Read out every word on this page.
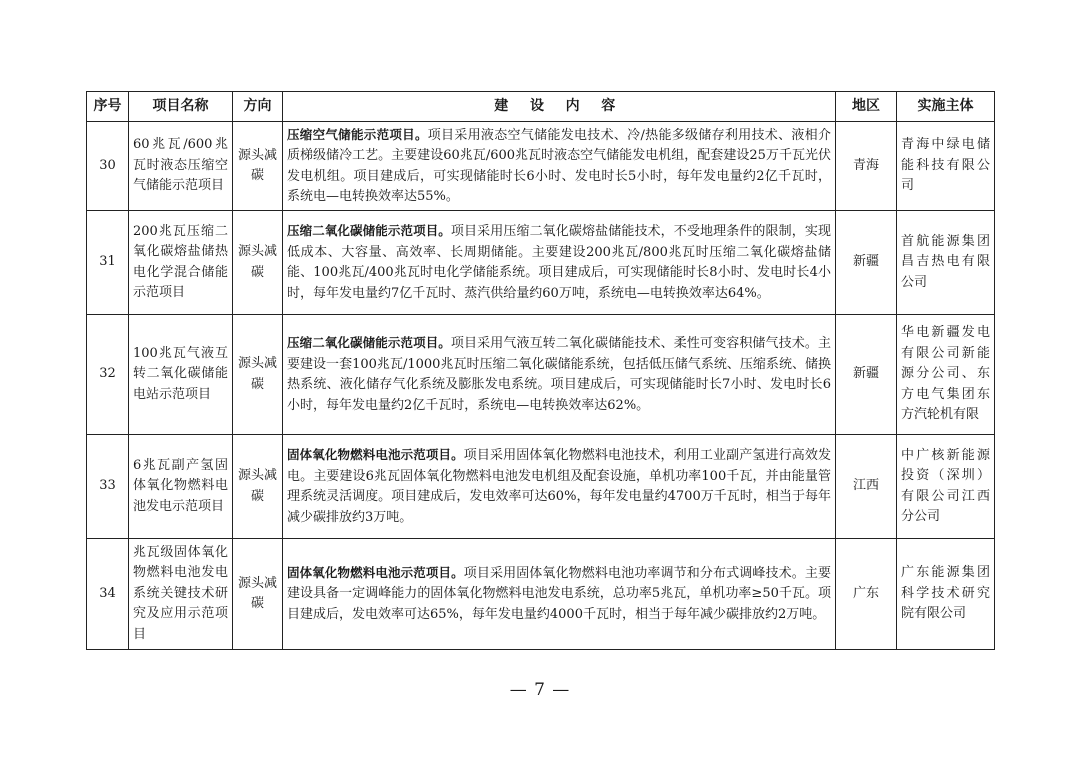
序号	项目名称	方向	建 设 内 容	地区	实施主体
30	60兆瓦/600兆瓦时液态压缩空气储能示范项目	源头减碳	压缩空气储能示范项目。项目采用液态空气储能发电技术、冷/热能多级储存利用技术、液相介质梯级储冷工艺。主要建设60兆瓦/600兆瓦时液态空气储能发电机组，配套建设25万千瓦光伏发电机组。项目建成后，可实现储能时长6小时、发电时长5小时，每年发电量约2亿千瓦时，系统电—电转换效率达55%。	青海	青海中绿电储能科技有限公司
31	200兆瓦压缩二氧化碳熔盐储热电化学混合储能示范项目	源头减碳	压缩二氧化碳储能示范项目。项目采用压缩二氧化碳熔盐储能技术，不受地理条件的限制，实现低成本、大容量、高效率、长周期储能。主要建设200兆瓦/800兆瓦时压缩二氧化碳熔盐储能、100兆瓦/400兆瓦时电化学储能系统。项目建成后，可实现储能时长8小时、发电时长4小时，每年发电量约7亿千瓦时、蒸汽供给量约60万吨，系统电—电转换效率达64%。	新疆	首航能源集团昌吉热电有限公司
32	100兆瓦气液互转二氧化碳储能电站示范项目	源头减碳	压缩二氧化碳储能示范项目。项目采用气液互转二氧化碳储能技术、柔性可变容积储气技术。主要建设一套100兆瓦/1000兆瓦时压缩二氧化碳储能系统，包括低压储气系统、压缩系统、储换热系统、液化储存气化系统及膨胀发电系统。项目建成后，可实现储能时长7小时、发电时长6小时，每年发电量约2亿千瓦时，系统电—电转换效率达62%。	新疆	华电新疆发电有限公司新能源分公司、东方电气集团东方汽轮机有限
33	6兆瓦副产氢固体氧化物燃料电池发电示范项目	源头减碳	固体氧化物燃料电池示范项目。项目采用固体氧化物燃料电池技术，利用工业副产氢进行高效发电。主要建设6兆瓦固体氧化物燃料电池发电机组及配套设施，单机功率100千瓦，并由能量管理系统灵活调度。项目建成后，发电效率可达60%，每年发电量约4700万千瓦时，相当于每年减少碳排放约3万吨。	江西	中广核新能源投资（深圳）有限公司江西分公司
34	兆瓦级固体氧化物燃料电池发电系统关键技术研究及应用示范项目	源头减碳	固体氧化物燃料电池示范项目。项目采用固体氧化物燃料电池功率调节和分布式调峰技术。主要建设具备一定调峰能力的固体氧化物燃料电池发电系统，总功率5兆瓦，单机功率≥50千瓦。项目建成后，发电效率可达65%，每年发电量约4000千瓦时，相当于每年减少碳排放约2万吨。	广东	广东能源集团科学技术研究院有限公司
— 7 —
